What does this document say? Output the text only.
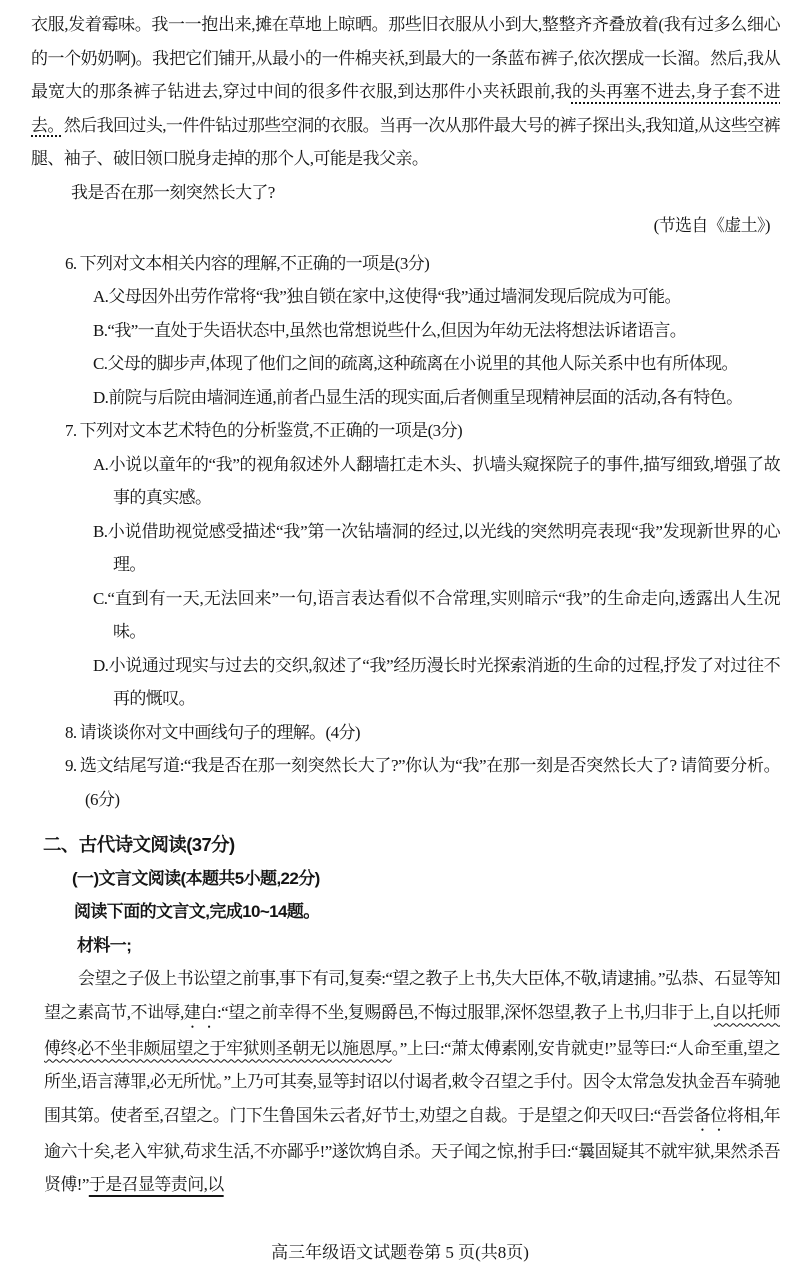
衣服,发着霉味。我一一抱出来,摊在草地上晾晒。那些旧衣服从小到大,整整齐齐叠放着(我有过多么细心的一个奶奶啊)。我把它们铺开,从最小的一件棉夹袄,到最大的一条蓝布裤子,依次摆成一长溜。然后,我从最宽大的那条裤子钻进去,穿过中间的很多件衣服,到达那件小夹袄跟前,我的头再塞不进去,身子套不进去。然后我回过头,一件件钻过那些空洞的衣服。当再一次从那件最大号的裤子探出头,我知道,从这些空裤腿、袖子、破旧领口脱身走掉的那个人,可能是我父亲。

我是否在那一刻突然长大了?

(节选自《虚土》)

6. 下列对文本相关内容的理解,不正确的一项是(3分)

A.父母因外出劳作常将“我”独自锁在家中,这使得“我”通过墙洞发现后院成为可能。

B.“我”一直处于失语状态中,虽然也常想说些什么,但因为年幼无法将想法诉诸语言。

C.父母的脚步声,体现了他们之间的疏离,这种疏离在小说里的其他人际关系中也有所体现。

D.前院与后院由墙洞连通,前者凸显生活的现实面,后者侧重呈现精神层面的活动,各有特色。

7. 下列对文本艺术特色的分析鉴赏,不正确的一项是(3分)

A.小说以童年的“我”的视角叙述外人翻墙扛走木头、扒墙头窥探院子的事件,描写细致,增强了故事的真实感。

B.小说借助视觉感受描述“我”第一次钻墙洞的经过,以光线的突然明亮表现“我”发现新世界的心理。

C.“直到有一天,无法回来”一句,语言表达看似不合常理,实则暗示“我”的生命走向,透露出人生况味。

D.小说通过现实与过去的交织,叙述了“我”经历漫长时光探索消逝的生命的过程,抒发了对过往不再的慨叹。

8. 请谈谈你对文中画线句子的理解。(4分)

9. 选文结尾写道:“我是否在那一刻突然长大了?”你认为“我”在那一刻是否突然长大了? 请简要分析。(6分)

二、古代诗文阅读(37分)

(一)文言文阅读(本题共5小题,22分)

阅读下面的文言文,完成10~14题。

材料一;

会望之子伋上书讼望之前事,事下有司,复奏:“望之教子上书,失大臣体,不敬,请逮捕。”弘恭、石显等知望之素高节,不诎辱,建白:“望之前幸得不坐,复赐爵邑,不悔过服罪,深怀怨望,教子上书,归非于上,自以托师傅终必不坐非颇屈望之于牢狱则圣朝无以施恩厚。”上曰:“萧太傅素刚,安肯就吏!”显等曰:“人命至重,望之所坐,语言薄罪,必无所忧。”上乃可其奏,显等封诏以付谒者,敕令召望之手付。因令太常急发执金吾车骑驰围其第。使者至,召望之。门下生鲁国朱云者,好节士,劝望之自裁。于是望之仰天叹曰:“吾尝备位将相,年逾六十矣,老入牢狱,苟求生活,不亦鄙乎!”遂饮鸩自杀。天子闻之惊,拊手曰:“曩固疑其不就牢狱,果然杀吾贤傅!”于是召显等责问,以

高三年级语文试题卷第 5 页(共8页)
